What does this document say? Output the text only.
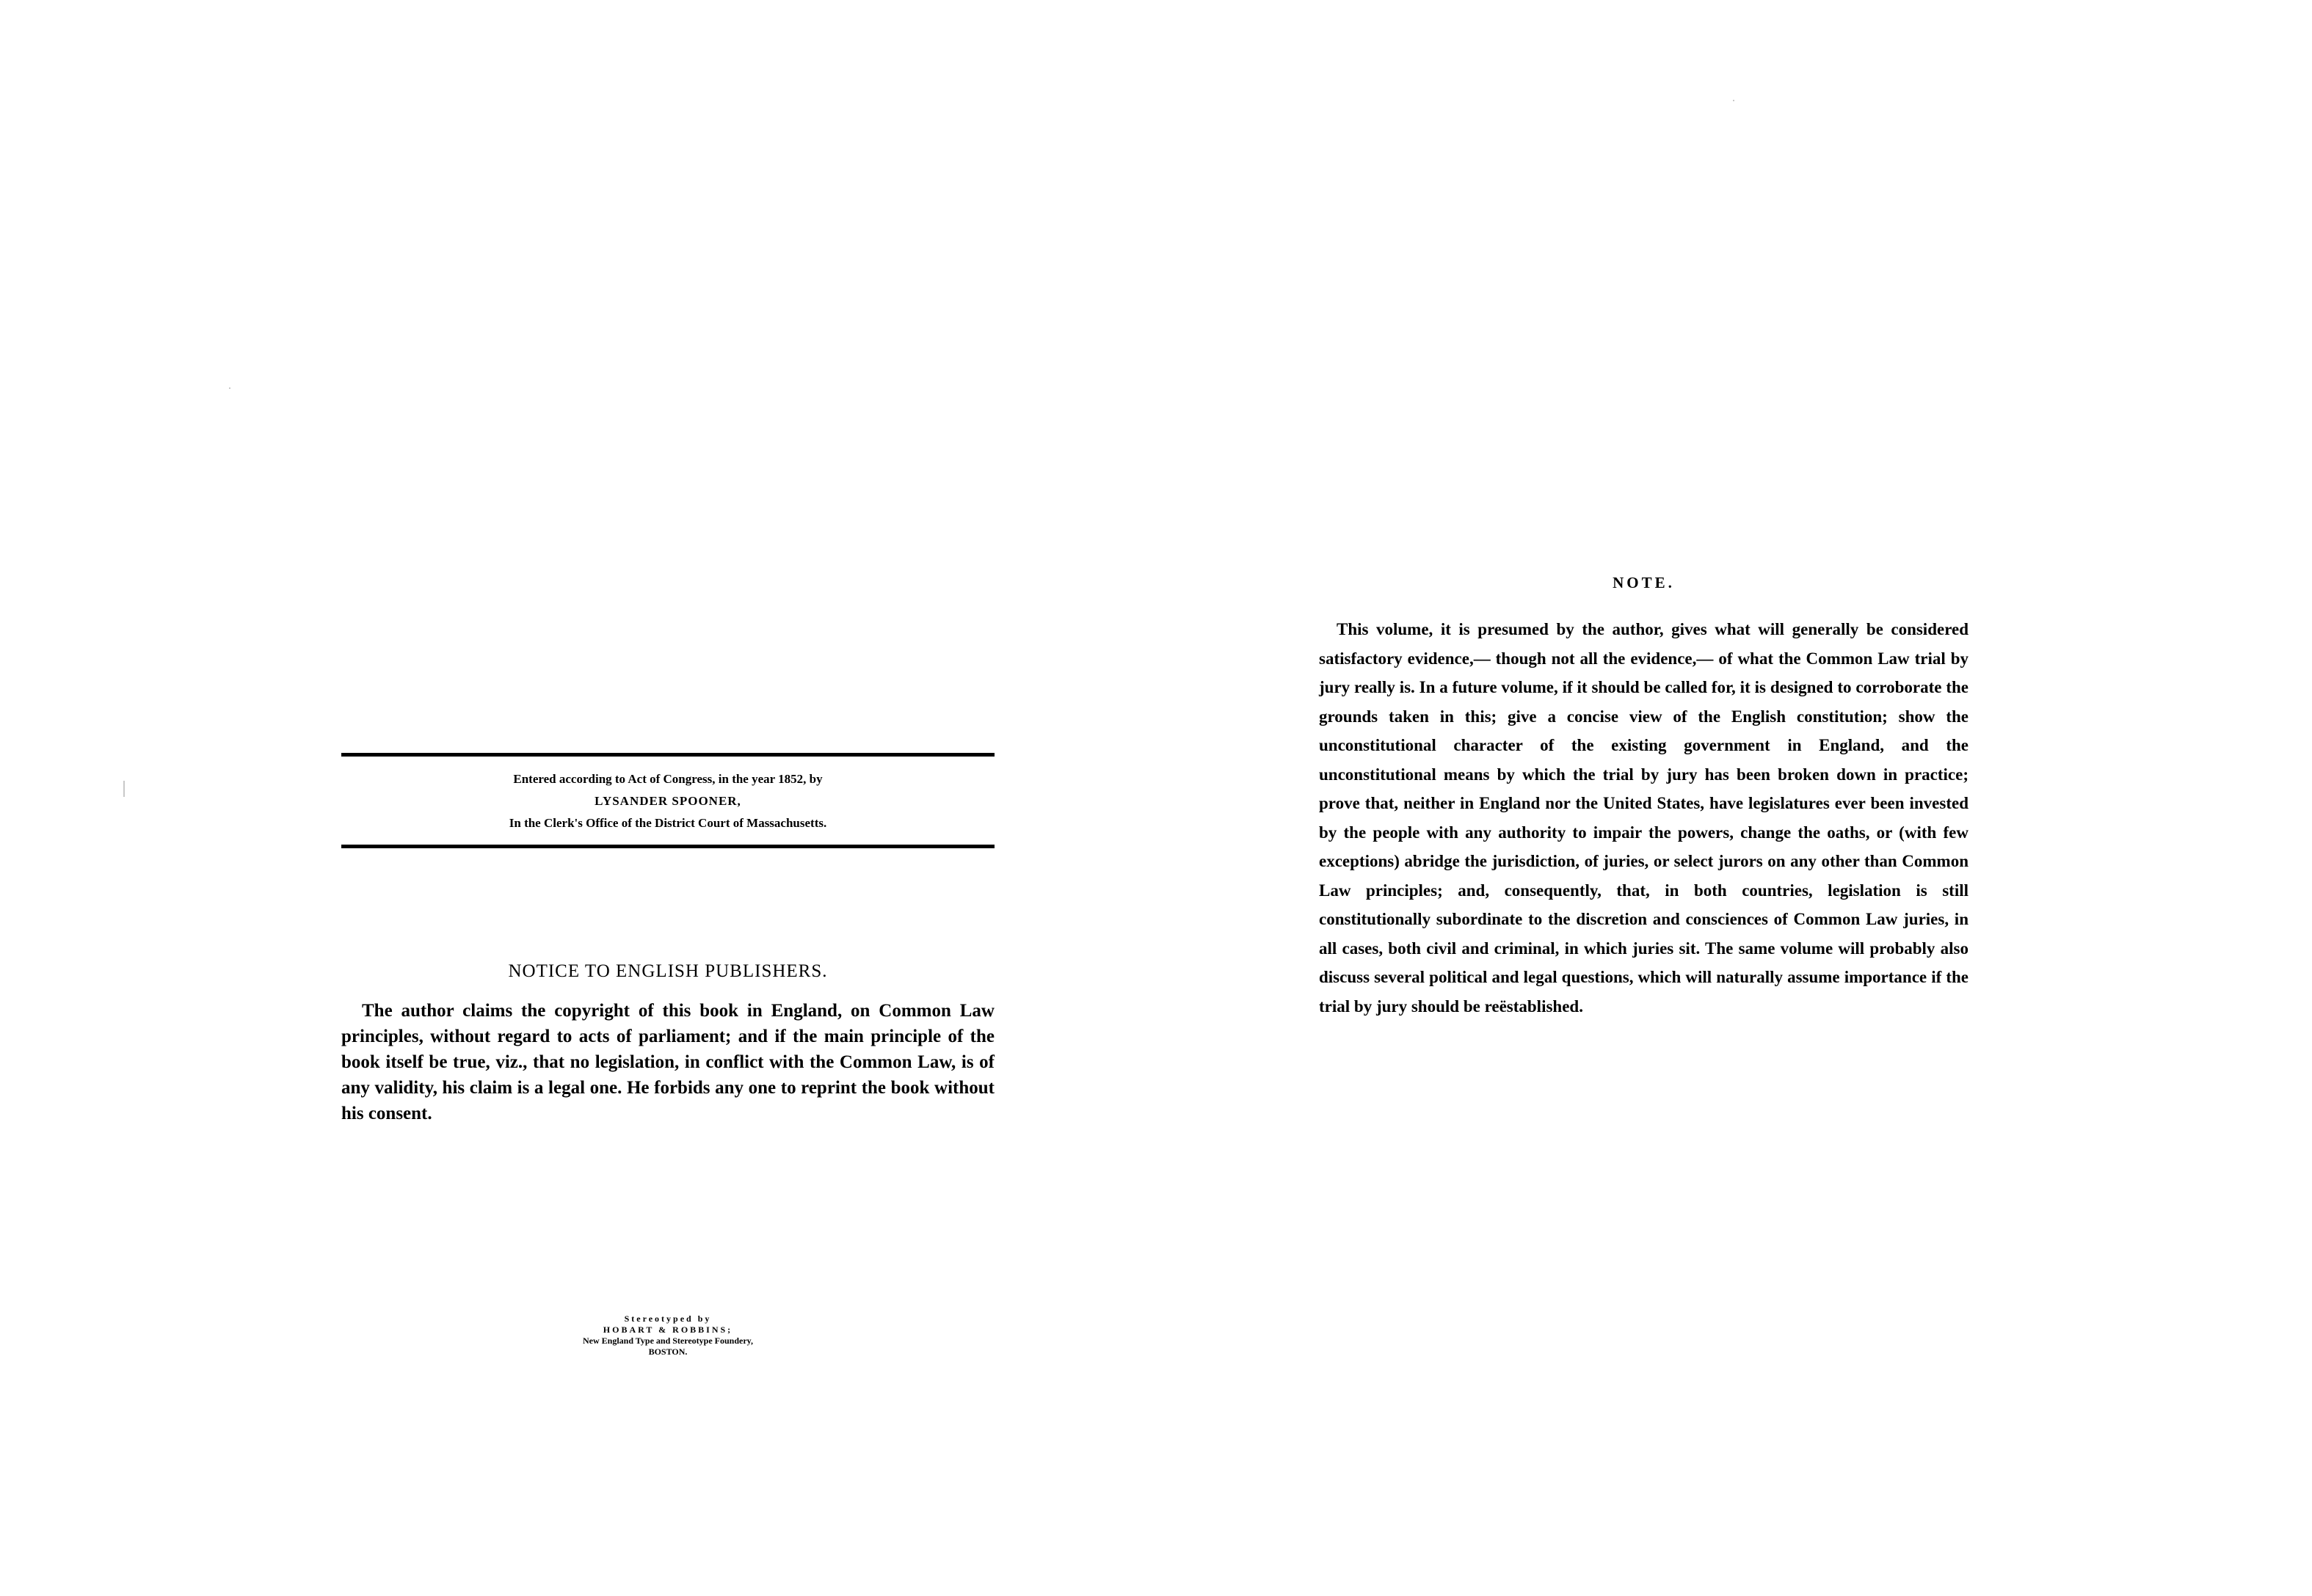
Entered according to Act of Congress, in the year 1852, by
LYSANDER SPOONER,
In the Clerk's Office of the District Court of Massachusetts.
NOTICE TO ENGLISH PUBLISHERS.

The author claims the copyright of this book in England, on Common Law principles, without regard to acts of parliament; and if the main principle of the book itself be true, viz., that no legislation, in conflict with the Common Law, is of any validity, his claim is a legal one. He forbids any one to reprint the book without his consent.

Stereotyped by
HOBART & ROBBINS;
New England Type and Stereotype Foundery,
BOSTON.
NOTE.

This volume, it is presumed by the author, gives what will generally be considered satisfactory evidence,— though not all the evidence,— of what the Common Law trial by jury really is. In a future volume, if it should be called for, it is designed to corroborate the grounds taken in this; give a concise view of the English constitution; show the unconstitutional character of the existing government in England, and the unconstitutional means by which the trial by jury has been broken down in practice; prove that, neither in England nor the United States, have legislatures ever been invested by the people with any authority to impair the powers, change the oaths, or (with few exceptions) abridge the jurisdiction, of juries, or select jurors on any other than Common Law principles; and, consequently, that, in both countries, legislation is still constitutionally subordinate to the discretion and consciences of Common Law juries, in all cases, both civil and criminal, in which juries sit. The same volume will probably also discuss several political and legal questions, which will naturally assume importance if the trial by jury should be reëstablished.
